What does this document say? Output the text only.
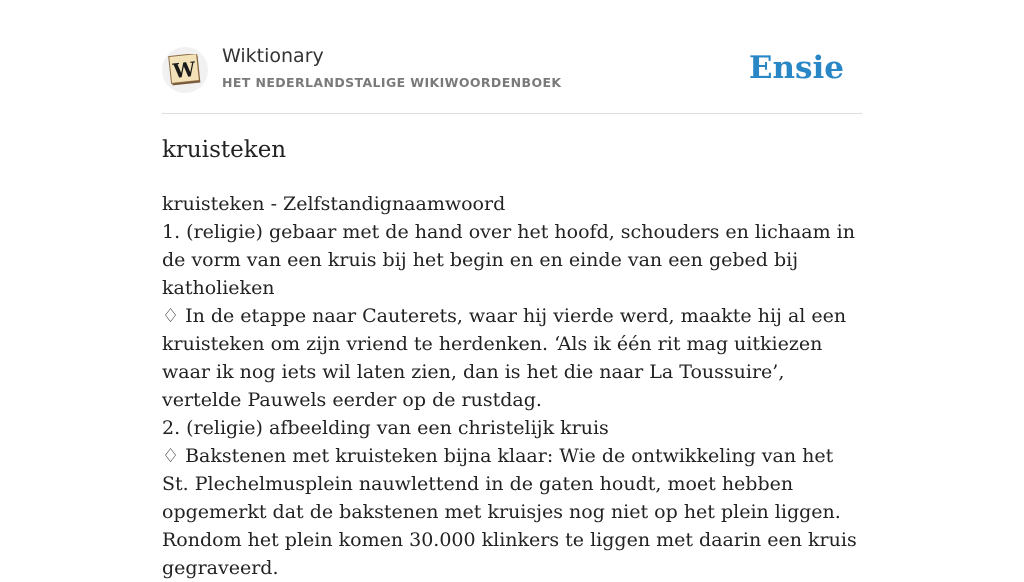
W
Wiktionary
HET NEDERLANDSTALIGE WIKIWOORDENBOEK	Ensie
kruisteken

kruisteken - Zelfstandignaamwoord

1. (religie) gebaar met de hand over het hoofd, schouders en lichaam in de vorm van een kruis bij het begin en en einde van een gebed bij katholieken

♢ In de etappe naar Cauterets, waar hij vierde werd, maakte hij al een kruisteken om zijn vriend te herdenken. ‘Als ik één rit mag uitkiezen waar ik nog iets wil laten zien, dan is het die naar La Toussuire’, vertelde Pauwels eerder op de rustdag.

2. (religie) afbeelding van een christelijk kruis

♢ Bakstenen met kruisteken bijna klaar: Wie de ontwikkeling van het St. Plechelmusplein nauwlettend in de gaten houdt, moet hebben opgemerkt dat de bakstenen met kruisjes nog niet op het plein liggen. Rondom het plein komen 30.000 klinkers te liggen met daarin een kruis gegraveerd.
